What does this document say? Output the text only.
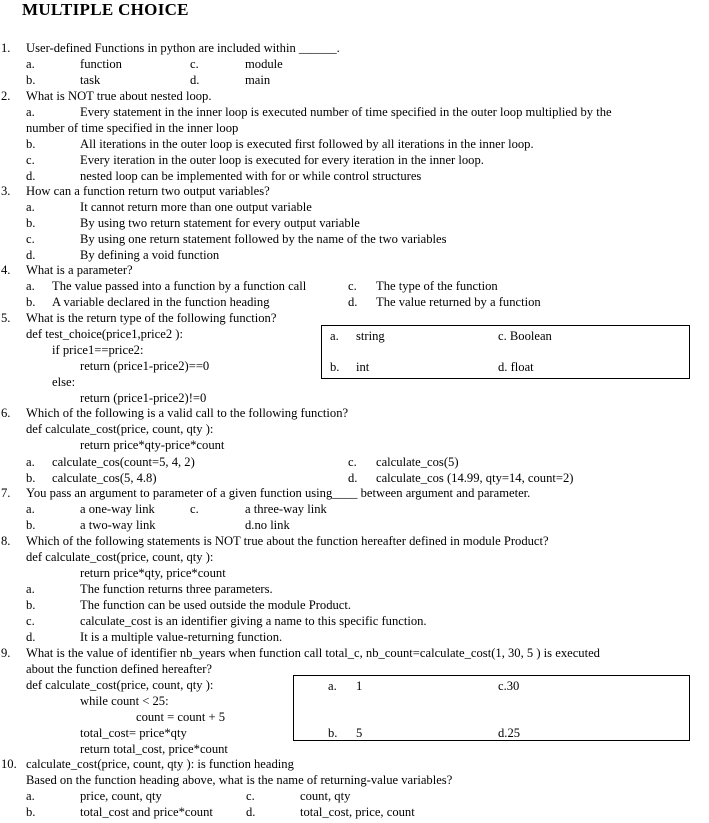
MULTIPLE CHOICE
1. User-defined Functions in python are included within ______.
a.	function	c.	module
b.	task	d.	main
2. What is NOT true about nested loop.
a.	Every statement in the inner loop is executed number of time specified in the outer loop multiplied by the
number of time specified in the inner loop
b.	All iterations in the outer loop is executed first followed by all iterations in the inner loop.
c.	Every iteration in the outer loop is executed for every iteration in the inner loop.
d.	nested loop can be implemented with for or while control structures
3. How can a function return two output variables?
a.	It cannot return more than one output variable
b.	By using two return statement for every output variable
c.	By using one return statement followed by the name of the two variables
d.	By defining a void function
4. What is a parameter?
a. The value passed into a function by a function call	c. The type of the function
b. A variable declared in the function heading	d. The value returned by a function
5. What is the return type of the following function?
def test_choice(price1,price2 ):
if price1==price2:
return (price1-price2)==0
else:
return (price1-price2)!=0
a. string	c. Boolean
b. int	d. float
6. Which of the following is a valid call to the following function?
def calculate_cost(price, count, qty ):
return price*qty-price*count
a. calculate_cos(count=5, 4, 2)	c. calculate_cos(5)
b. calculate_cos(5, 4.8)	d. calculate_cos (14.99, qty=14, count=2)
7. You pass an argument to parameter of a given function using____ between argument and parameter.
a.	a one-way link	c.	a three-way link
b.	a two-way link	d.no link
8. Which of the following statements is NOT true about the function hereafter defined in module Product?
def calculate_cost(price, count, qty ):
return price*qty, price*count
a.	The function returns three parameters.
b.	The function can be used outside the module Product.
c.	calculate_cost is an identifier giving a name to this specific function.
d.	It is a multiple value-returning function.
9. What is the value of identifier nb_years when function call total_c, nb_count=calculate_cost(1, 30, 5 ) is executed
about the function defined hereafter?
def calculate_cost(price, count, qty ):
while count < 25:
count = count + 5
total_cost= price*qty
return total_cost, price*count
a. 1	c.30
b. 5	d.25
10. calculate_cost(price, count, qty ): is function heading
Based on the function heading above, what is the name of returning-value variables?
a.	price, count, qty	c.	count, qty
b.	total_cost and price*count	d.	total_cost, price, count
